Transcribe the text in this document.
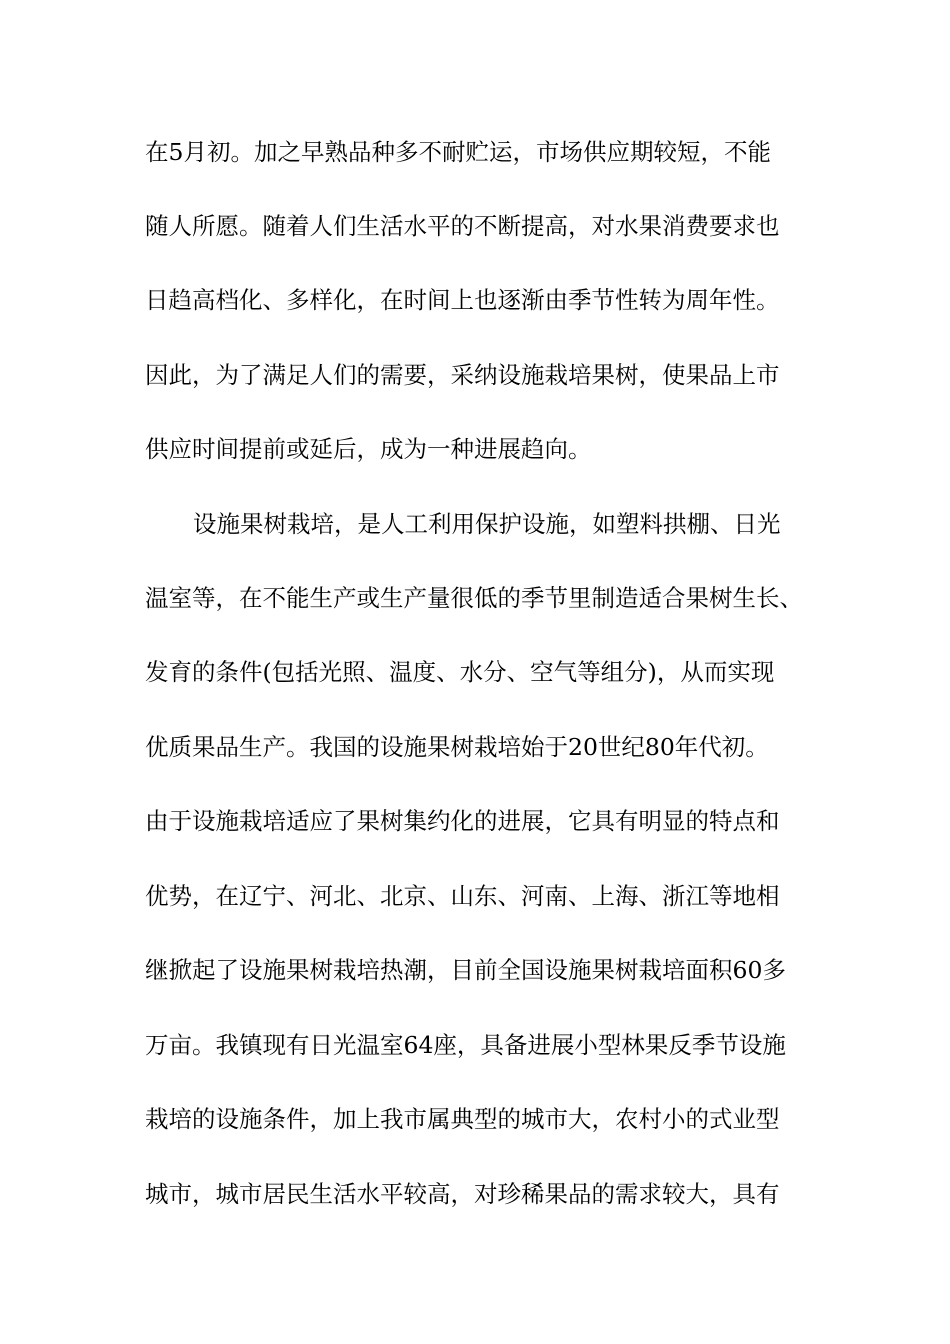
在5月初。加之早熟品种多不耐贮运，市场供应期较短，不能
随人所愿。随着人们生活水平的不断提高，对水果消费要求也
日趋高档化、多样化，在时间上也逐渐由季节性转为周年性。
因此，为了满足人们的需要，采纳设施栽培果树，使果品上市
供应时间提前或延后，成为一种进展趋向。
设施果树栽培，是人工利用保护设施，如塑料拱棚、日光
温室等，在不能生产或生产量很低的季节里制造适合果树生长、
发育的条件(包括光照、温度、水分、空气等组分)，从而实现
优质果品生产。我国的设施果树栽培始于20世纪80年代初。
由于设施栽培适应了果树集约化的进展，它具有明显的特点和
优势，在辽宁、河北、北京、山东、河南、上海、浙江等地相
继掀起了设施果树栽培热潮，目前全国设施果树栽培面积60多
万亩。我镇现有日光温室64座，具备进展小型林果反季节设施
栽培的设施条件，加上我市属典型的城市大，农村小的式业型
城市，城市居民生活水平较高，对珍稀果品的需求较大，具有
